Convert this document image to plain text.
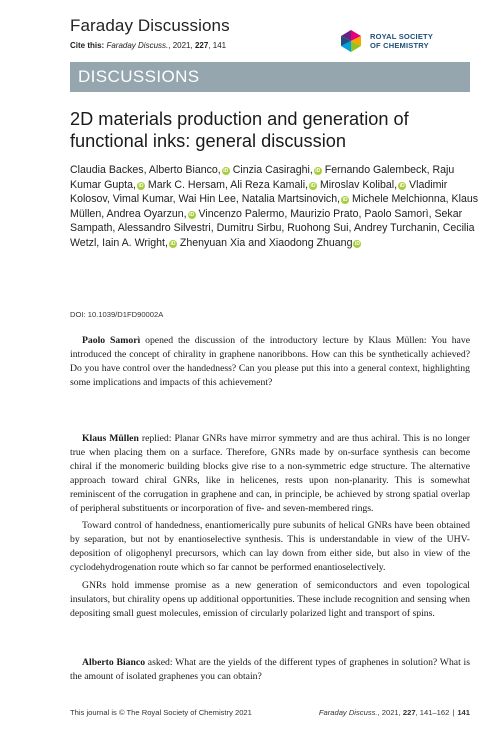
Faraday Discussions
Cite this: Faraday Discuss., 2021, 227, 141
ROYAL SOCIETY
OF CHEMISTRY
DISCUSSIONS
2D materials production and generation of functional inks: general discussion
Claudia Backes, Alberto Bianco, iD Cinzia Casiraghi, iD Fernando Galembeck, Raju Kumar Gupta, iD Mark C. Hersam, Ali Reza Kamali, iD Miroslav Kolibal, iD Vladimir Kolosov, Vimal Kumar, Wai Hin Lee, Natalia Martsinovich, iD Michele Melchionna, Klaus Müllen, Andrea Oyarzun, iD Vincenzo Palermo, Maurizio Prato, Paolo Samorì, Sekar Sampath, Alessandro Silvestri, Dumitru Sirbu, Ruohong Sui, Andrey Turchanin, Cecilia Wetzl, Iain A. Wright, iD Zhenyuan Xia and Xiaodong Zhuang iD
DOI: 10.1039/D1FD90002A

Paolo Samorì opened the discussion of the introductory lecture by Klaus Müllen: You have introduced the concept of chirality in graphene nanoribbons. How can this be synthetically achieved? Do you have control over the handedness? Can you please put this into a general context, highlighting some implications and impacts of this achievement?

Klaus Müllen replied: Planar GNRs have mirror symmetry and are thus achiral. This is no longer true when placing them on a surface. Therefore, GNRs made by on-surface synthesis can become chiral if the monomeric building blocks give rise to a non-symmetric edge structure. The alternative approach toward chiral GNRs, like in helicenes, rests upon non-planarity. This is somewhat reminiscent of the corrugation in graphene and can, in principle, be achieved by strong spatial overlap of peripheral substituents or incorporation of five- and seven-membered rings.

Toward control of handedness, enantiomerically pure subunits of helical GNRs have been obtained by separation, but not by enantioselective synthesis. This is understandable in view of the UHV-deposition of oligophenyl precursors, which can lay down from either side, but also in view of the cyclodehydrogenation route which so far cannot be performed enantioselectively.

GNRs hold immense promise as a new generation of semiconductors and even topological insulators, but chirality opens up additional opportunities. These include recognition and sensing when depositing small guest molecules, emission of circularly polarized light and transport of spins.

Alberto Bianco asked: What are the yields of the different types of graphenes in solution? What is the amount of isolated graphenes you can obtain?

This journal is © The Royal Society of Chemistry 2021	Faraday Discuss., 2021, 227, 141–162 | 141
